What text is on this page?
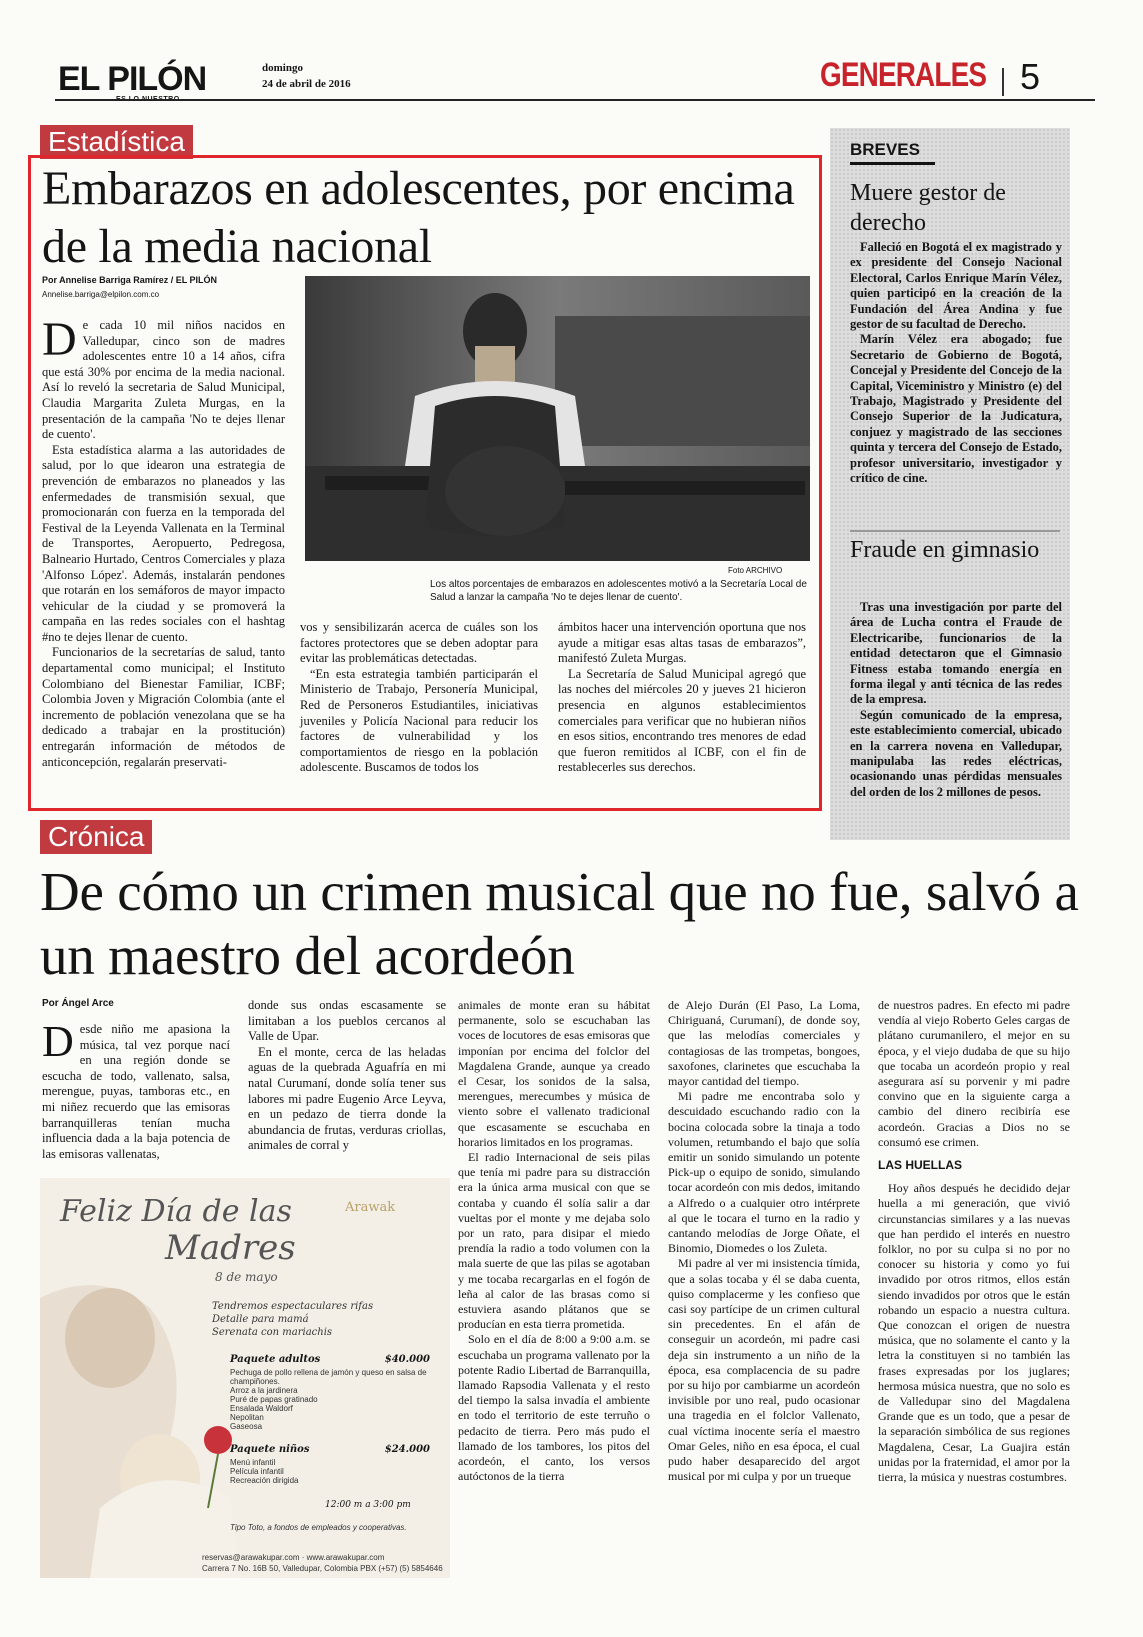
EL PILÓN	domingo
24 de abril de 2016	GENERALES 5
Estadística
Embarazos en adolescentes, por encima de la media nacional
Por Annelise Barriga Ramírez / EL PILÓN
Annelise.barriga@elpilon.com.co
D e cada 10 mil niños nacidos en Valledupar, cinco son de madres adolescentes entre 10 a 14 años, cifra que está 30% por encima de la media nacional. Así lo reveló la secretaria de Salud Municipal, Claudia Margarita Zuleta Murgas, en la presentación de la campaña 'No te dejes llenar de cuento'.

Esta estadística alarma a las autoridades de salud, por lo que idearon una estrategia de prevención de embarazos no planeados y las enfermedades de transmisión sexual, que promocionarán con fuerza en la temporada del Festival de la Leyenda Vallenata en la Terminal de Transportes, Aeropuerto, Pedregosa, Balneario Hurtado, Centros Comerciales y plaza 'Alfonso López'. Además, instalarán pendones que rotarán en los semáforos de mayor impacto vehicular de la ciudad y se promoverá la campaña en las redes sociales con el hashtag #no te dejes llenar de cuento.

Funcionarios de la secretarías de salud, tanto departamental como municipal; el Instituto Colombiano del Bienestar Familiar, ICBF; Colombia Joven y Migración Colombia (ante el incremento de población venezolana que se ha dedicado a trabajar en la prostitución) entregarán información de métodos de anticoncepción, regalarán preservati-

Foto ARCHIVO
Los altos porcentajes de embarazos en adolescentes motivó a la Secretaría Local de Salud a lanzar la campaña 'No te dejes llenar de cuento'.

vos y sensibilizarán acerca de cuáles son los factores protectores que se deben adoptar para evitar las problemáticas detectadas.

“En esta estrategia también participarán el Ministerio de Trabajo, Personería Municipal, Red de Personeros Estudiantiles, iniciativas juveniles y Policía Nacional para reducir los factores de vulnerabilidad y los comportamientos de riesgo en la población adolescente. Buscamos de todos los

ámbitos hacer una intervención oportuna que nos ayude a mitigar esas altas tasas de embarazos”, manifestó Zuleta Murgas.

La Secretaría de Salud Municipal agregó que las noches del miércoles 20 y jueves 21 hicieron presencia en algunos establecimientos comerciales para verificar que no hubieran niños en esos sitios, encontrando tres menores de edad que fueron remitidos al ICBF, con el fin de restablecerles sus derechos.

BREVES
Muere gestor de derecho

Falleció en Bogotá el ex magistrado y ex presidente del Consejo Nacional Electoral, Carlos Enrique Marín Vélez, quien participó en la creación de la Fundación del Área Andina y fue gestor de su facultad de Derecho.

Marín Vélez era abogado; fue Secretario de Gobierno de Bogotá, Concejal y Presidente del Concejo de la Capital, Viceministro y Ministro (e) del Trabajo, Magistrado y Presidente del Consejo Superior de la Judicatura, conjuez y magistrado de las secciones quinta y tercera del Consejo de Estado, profesor universitario, investigador y crítico de cine.

Fraude en gimnasio

Tras una investigación por parte del área de Lucha contra el Fraude de Electricaribe, funcionarios de la entidad detectaron que el Gimnasio Fitness estaba tomando energía en forma ilegal y anti técnica de las redes de la empresa.

Según comunicado de la empresa, este establecimiento comercial, ubicado en la carrera novena en Valledupar, manipulaba las redes eléctricas, ocasionando unas pérdidas mensuales del orden de los 2 millones de pesos.

Crónica
De cómo un crimen musical que no fue, salvó a un maestro del acordeón
Por Ángel Arce
D esde niño me apasiona la música, tal vez porque nací en una región donde se escucha de todo, vallenato, salsa, merengue, puyas, tamboras etc., en mi niñez recuerdo que las emisoras barranquilleras tenían mucha influencia dada a la baja potencia de las emisoras vallenatas,

donde sus ondas escasamente se limitaban a los pueblos cercanos al Valle de Upar.

En el monte, cerca de las heladas aguas de la quebrada Aguafría en mi natal Curumaní, donde solía tener sus labores mi padre Eugenio Arce Leyva, en un pedazo de tierra donde la abundancia de frutas, verduras criollas, animales de corral y

animales de monte eran su hábitat permanente, solo se escuchaban las voces de locutores de esas emisoras que imponían por encima del folclor del Magdalena Grande, aunque ya creado el Cesar, los sonidos de la salsa, merengues, merecumbes y música de viento sobre el vallenato tradicional que escasamente se escuchaba en horarios limitados en los programas.

El radio Internacional de seis pilas que tenía mi padre para su distracción era la única arma musical con que se contaba y cuando él solía salir a dar vueltas por el monte y me dejaba solo por un rato, para disipar el miedo prendía la radio a todo volumen con la mala suerte de que las pilas se agotaban y me tocaba recargarlas en el fogón de leña al calor de las brasas como si estuviera asando plátanos que se producían en esta tierra prometida.

Solo en el día de 8:00 a 9:00 a.m. se escuchaba un programa vallenato por la potente Radio Libertad de Barranquilla, llamado Rapsodia Vallenata y el resto del tiempo la salsa invadía el ambiente en todo el territorio de este terruño o pedacito de tierra. Pero más pudo el llamado de los tambores, los pitos del acordeón, el canto, los versos autóctonos de la tierra

de Alejo Durán (El Paso, La Loma, Chiriguaná, Curumaní), de donde soy, que las melodías comerciales y contagiosas de las trompetas, bongoes, saxofones, clarinetes que escuchaba la mayor cantidad del tiempo.

Mi padre me encontraba solo y descuidado escuchando radio con la bocina colocada sobre la tinaja a todo volumen, retumbando el bajo que solía emitir un sonido simulando un potente Pick-up o equipo de sonido, simulando tocar acordeón con mis dedos, imitando a Alfredo o a cualquier otro intérprete al que le tocara el turno en la radio y cantando melodías de Jorge Oñate, el Binomio, Diomedes o los Zuleta.

Mi padre al ver mi insistencia tímida, que a solas tocaba y él se daba cuenta, quiso complacerme y les confieso que casi soy partícipe de un crimen cultural sin precedentes. En el afán de conseguir un acordeón, mi padre casi deja sin instrumento a un niño de la época, esa complacencia de su padre por su hijo por cambiarme un acordeón invisible por uno real, pudo ocasionar una tragedia en el folclor Vallenato, cual víctima inocente sería el maestro Omar Geles, niño en esa época, el cual pudo haber desaparecido del argot musical por mi culpa y por un trueque

de nuestros padres. En efecto mi padre vendía al viejo Roberto Geles cargas de plátano curumanilero, el mejor en su época, y el viejo dudaba de que su hijo que tocaba un acordeón propio y real asegurara así su porvenir y mi padre convino que en la siguiente carga a cambio del dinero recibiría ese acordeón. Gracias a Dios no se consumó ese crimen.

LAS HUELLAS

Hoy años después he decidido dejar huella a mi generación, que vivió circunstancias similares y a las nuevas que han perdido el interés en nuestro folklor, no por su culpa si no por no conocer su historia y como yo fui invadido por otros ritmos, ellos están siendo invadidos por otros que le están robando un espacio a nuestra cultura. Que conozcan el origen de nuestra música, que no solamente el canto y la letra la constituyen si no también las frases expresadas por los juglares; hermosa música nuestra, que no solo es de Valledupar sino del Magdalena Grande que es un todo, que a pesar de la separación simbólica de sus regiones Magdalena, Cesar, La Guajira están unidas por la fraternidad, el amor por la tierra, la música y nuestras costumbres.

Feliz Día de las
Madres
8 de mayo
Arawak
Tendremos espectaculares rifas
Detalle para mamá
Serenata con mariachis
Paquete adultos	$40.000
Pechuga de pollo rellena de jamón y queso en salsa de champiñones.
Arroz a la jardinera
Puré de papas gratinado
Ensalada Waldorf
Nepolitan
Gaseosa
Paquete niños	$24.000
Menú infantil
Película infantil
Recreación dirigida
12:00 m a 3:00 pm
Tipo Toto, a fondos de empleados y cooperativas.
reservas@arawakupar.com · www.arawakupar.com
Carrera 7 No. 16B 50, Valledupar, Colombia PBX (+57) (5) 5854646
